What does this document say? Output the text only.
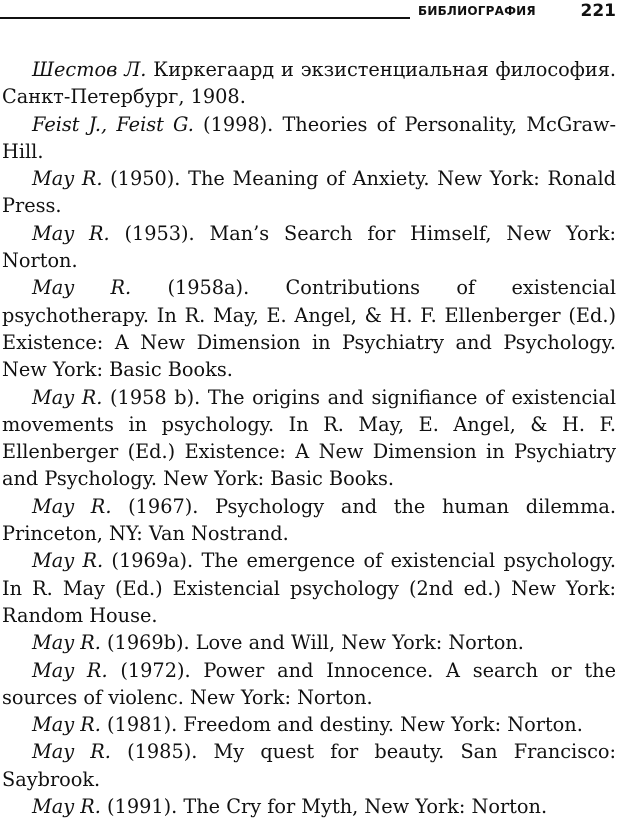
БИБЛИОГРАФИЯ	221
Шестов Л. Киркегаард и экзистенциальная философия. Санкт-Петербург, 1908.
Feist J., Feist G. (1998). Theories of Personality, McGraw-Hill.
May R. (1950). The Meaning of Anxiety. New York: Ronald Press.
May R. (1953). Man’s Search for Himself, New York: Norton.
May R. (1958a). Contributions of existencial psychotherapy. In R. May, E. Angel, & H. F. Ellenberger (Ed.) Existence: A New Dimension in Psychiatry and Psychology. New York: Basic Books.
May R. (1958 b). The origins and signifiance of existencial movements in psychology. In R. May, E. Angel, & H. F. Ellenberger (Ed.) Existence: A New Dimension in Psychiatry and Psychology. New York: Basic Books.
May R. (1967). Psychology and the human dilemma. Princeton, NY: Van Nostrand.
May R. (1969a). The emergence of existencial psychology. In R. May (Ed.) Existencial psychology (2nd ed.) New York: Random House.
May R. (1969b). Love and Will, New York: Norton.
May R. (1972). Power and Innocence. A search or the sources of violenc. New York: Norton.
May R. (1981). Freedom and destiny. New York: Norton.
May R. (1985). My quest for beauty. San Francisco: Saybrook.
May R. (1991). The Cry for Myth, New York: Norton.
